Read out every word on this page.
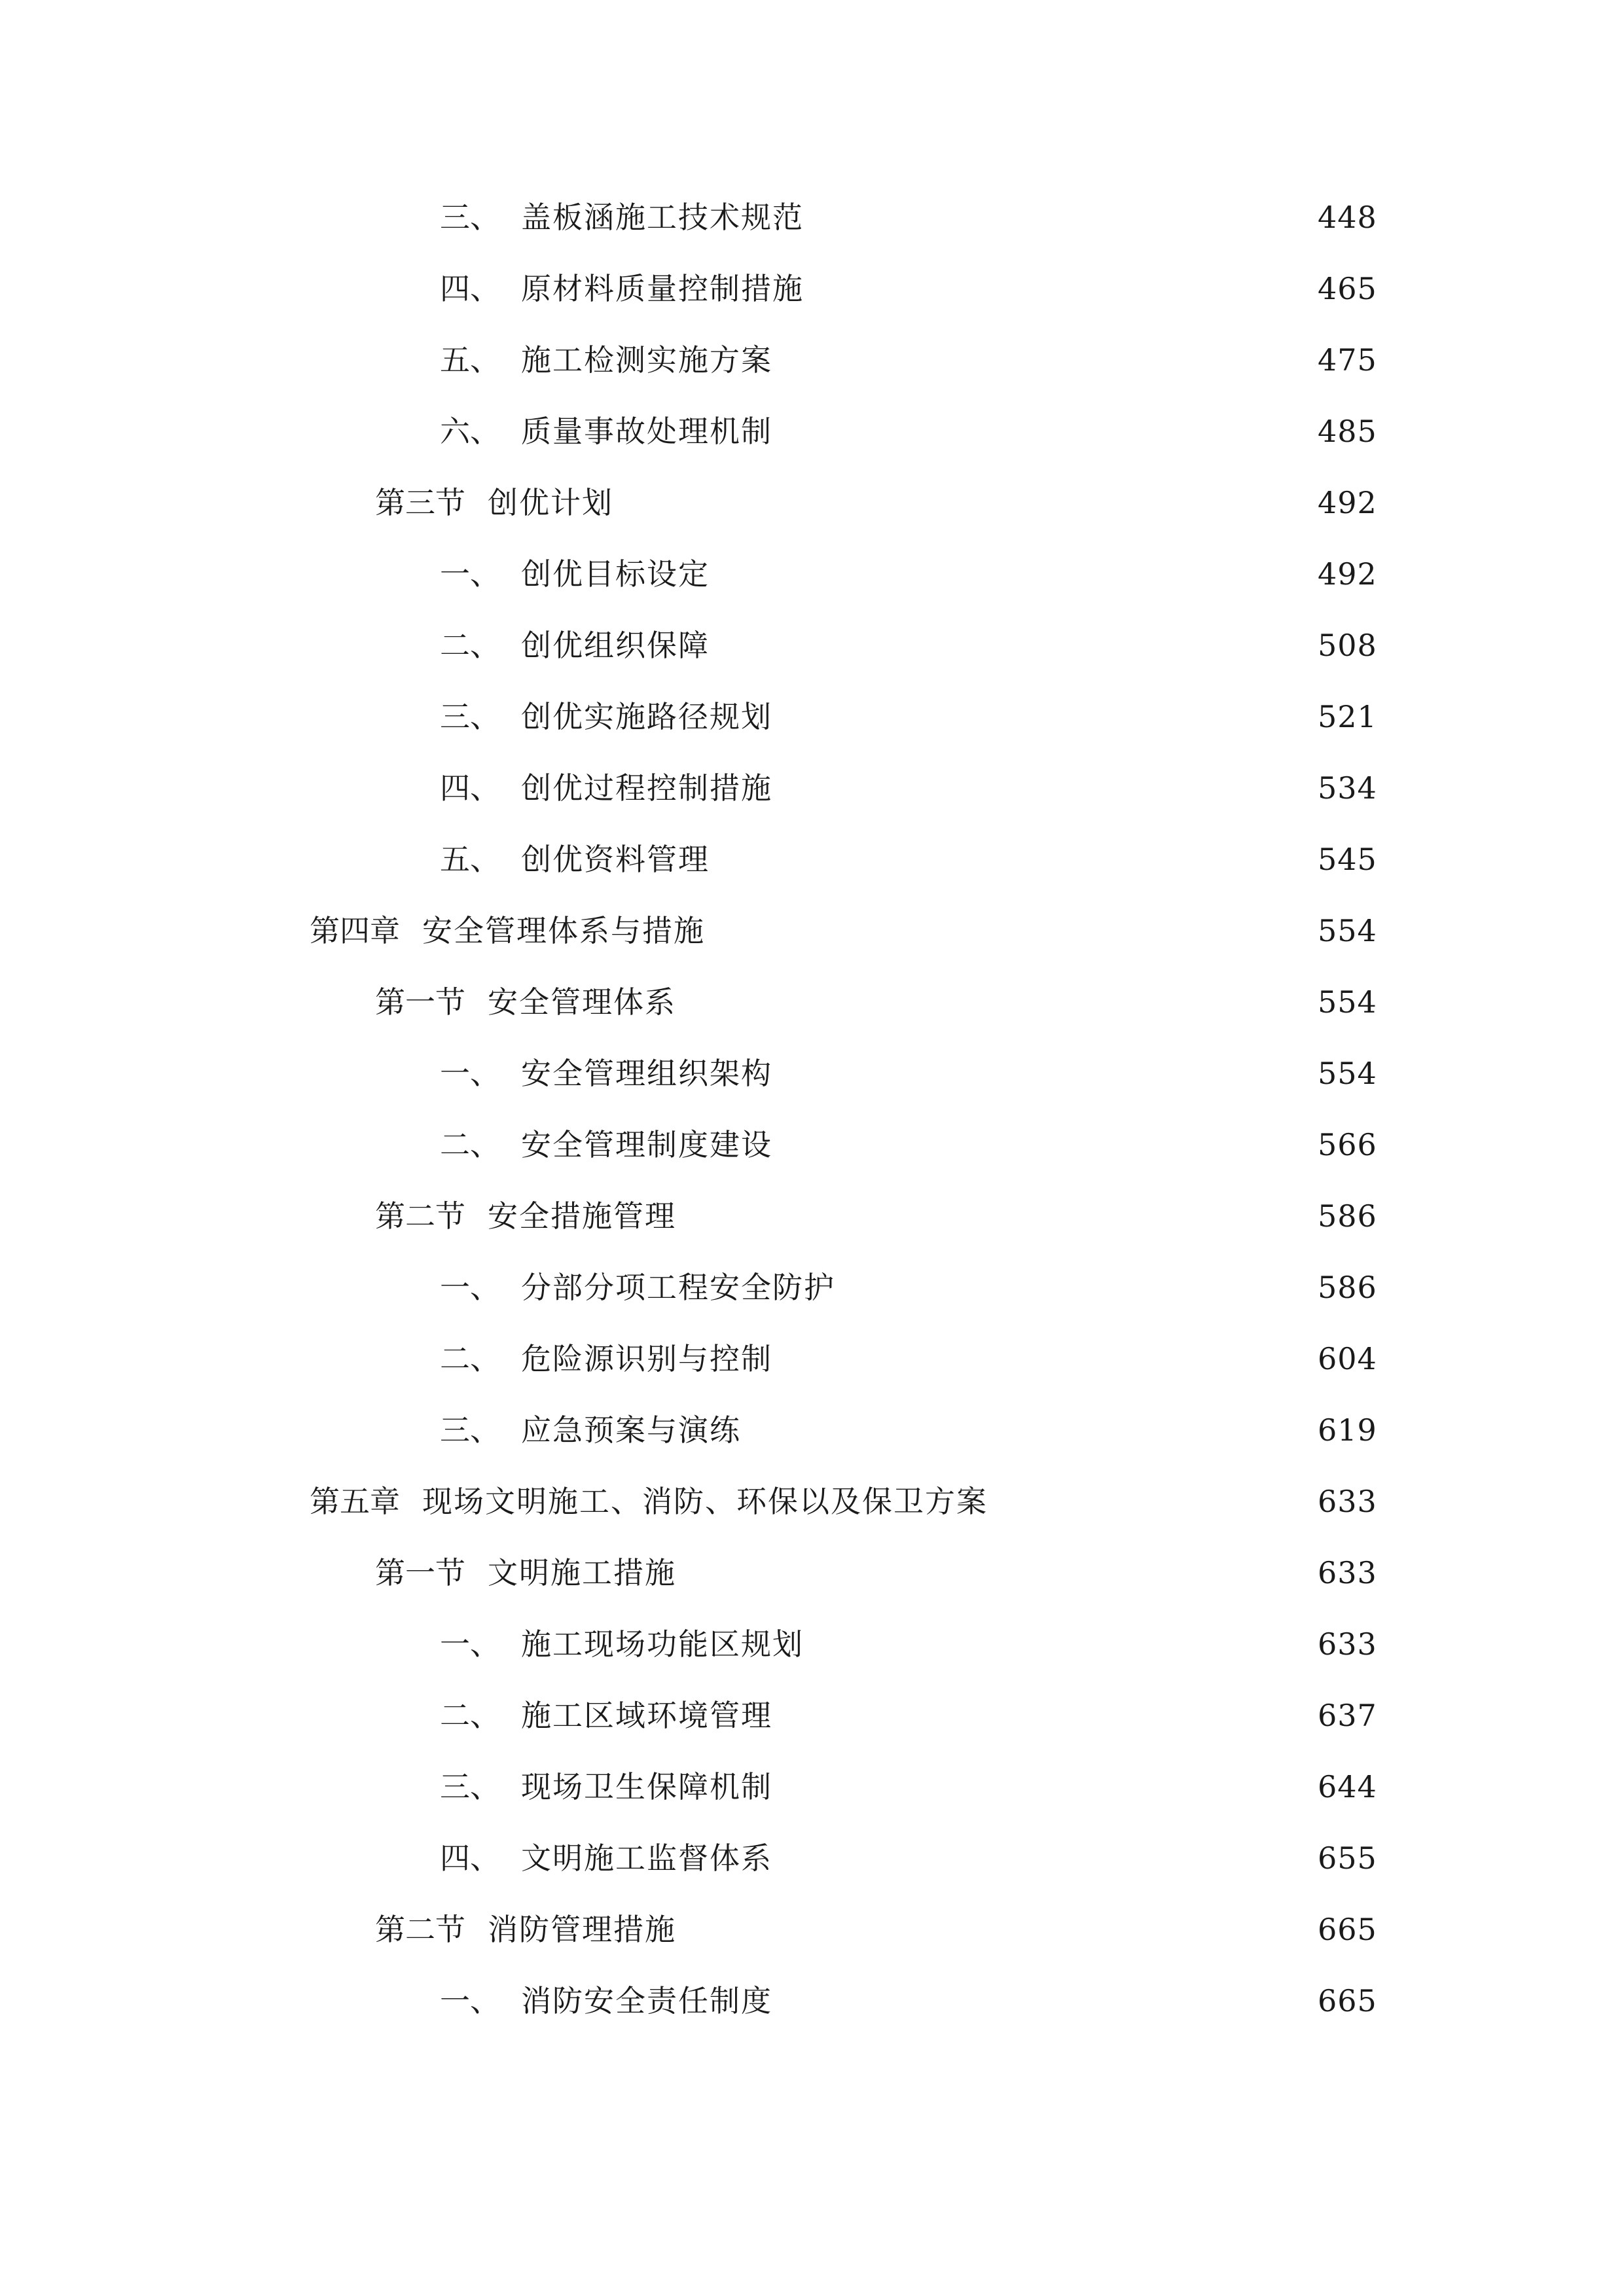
三、 盖板涵施工技术规范	448
四、 原材料质量控制措施	465
五、 施工检测实施方案	475
六、 质量事故处理机制	485
第三节 创优计划	492
一、 创优目标设定	492
二、 创优组织保障	508
三、 创优实施路径规划	521
四、 创优过程控制措施	534
五、 创优资料管理	545
第四章 安全管理体系与措施	554
第一节 安全管理体系	554
一、 安全管理组织架构	554
二、 安全管理制度建设	566
第二节 安全措施管理	586
一、 分部分项工程安全防护	586
二、 危险源识别与控制	604
三、 应急预案与演练	619
第五章 现场文明施工、消防、环保以及保卫方案	633
第一节 文明施工措施	633
一、 施工现场功能区规划	633
二、 施工区域环境管理	637
三、 现场卫生保障机制	644
四、 文明施工监督体系	655
第二节 消防管理措施	665
一、 消防安全责任制度	665
